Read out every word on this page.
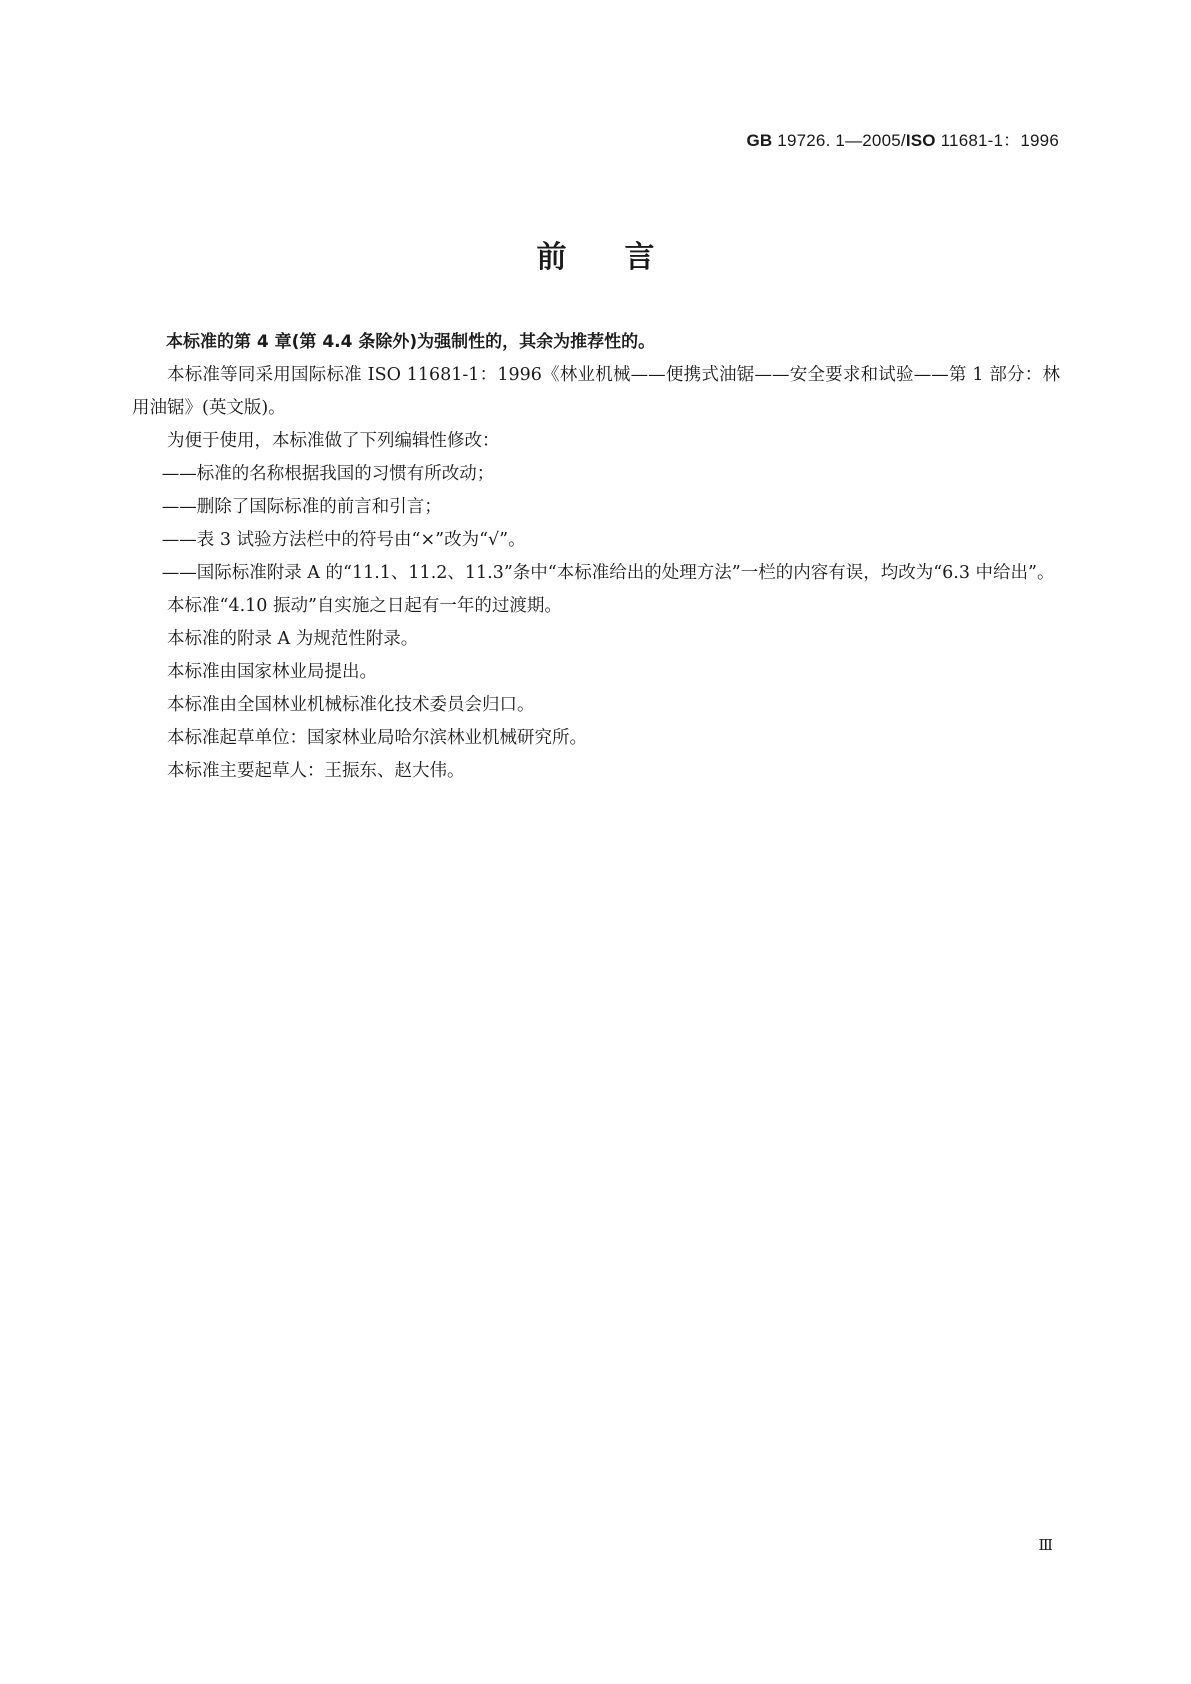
GB 19726. 1—2005/ISO 11681-1：1996
前言

本标准的第 4 章(第 4.4 条除外)为强制性的，其余为推荐性的。

本标准等同采用国际标准 ISO 11681-1：1996《林业机械——便携式油锯——安全要求和试验——第 1 部分：林用油锯》(英文版)。

为便于使用，本标准做了下列编辑性修改：

——标准的名称根据我国的习惯有所改动；

——删除了国际标准的前言和引言；

——表 3 试验方法栏中的符号由“×”改为“√”。

——国际标准附录 A 的“11.1、11.2、11.3”条中“本标准给出的处理方法”一栏的内容有误，均改为“6.3 中给出”。

本标准“4.10 振动”自实施之日起有一年的过渡期。

本标准的附录 A 为规范性附录。

本标准由国家林业局提出。

本标准由全国林业机械标准化技术委员会归口。

本标准起草单位：国家林业局哈尔滨林业机械研究所。

本标准主要起草人：王振东、赵大伟。

Ⅲ
